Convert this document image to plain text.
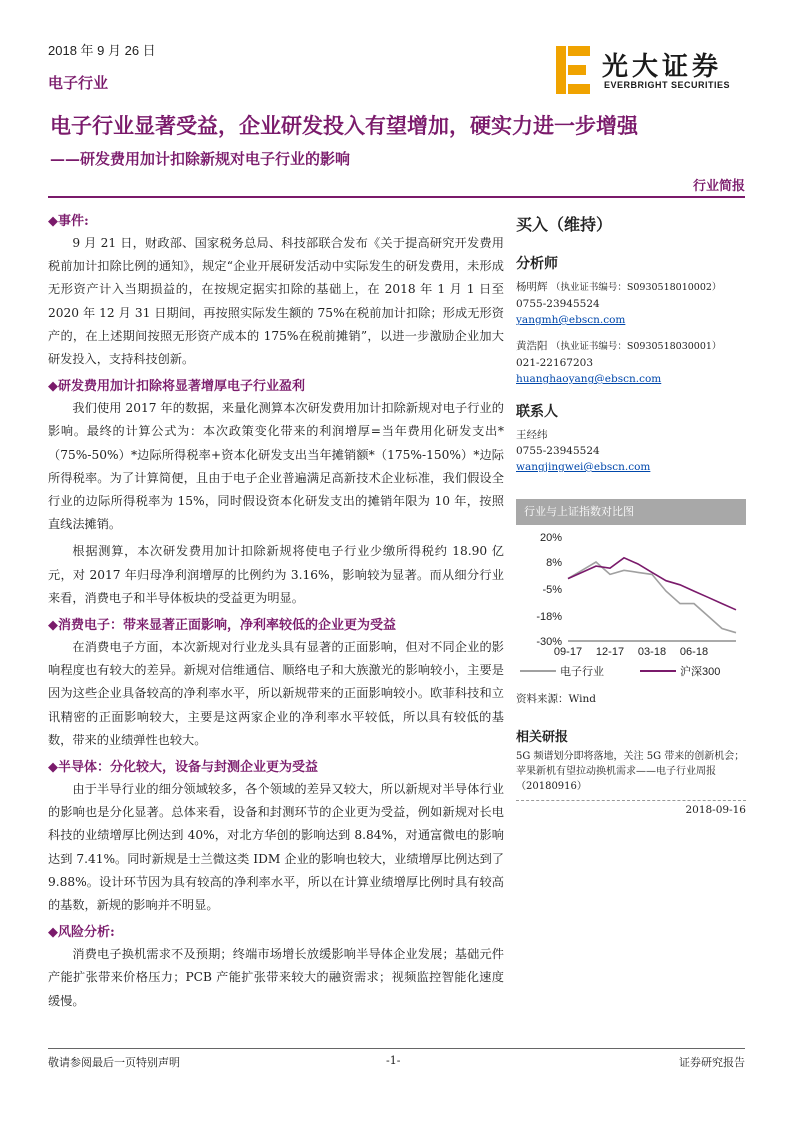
2018 年 9 月 26 日
电子行业
光大证券
EVERBRIGHT SECURITIES
电子行业显著受益，企业研发投入有望增加，硬实力进一步增强
——研发费用加计扣除新规对电子行业的影响
行业简报
◆事件:

9 月 21 日，财政部、国家税务总局、科技部联合发布《关于提高研究开发费用税前加计扣除比例的通知》，规定“企业开展研发活动中实际发生的研发费用，未形成无形资产计入当期损益的，在按规定据实扣除的基础上，在 2018 年 1 月 1 日至 2020 年 12 月 31 日期间，再按照实际发生额的 75%在税前加计扣除；形成无形资产的，在上述期间按照无形资产成本的 175%在税前摊销”，以进一步激励企业加大研发投入，支持科技创新。

◆研发费用加计扣除将显著增厚电子行业盈利

我们使用 2017 年的数据，来量化测算本次研发费用加计扣除新规对电子行业的影响。最终的计算公式为：本次政策变化带来的利润增厚=当年费用化研发支出*（75%-50%）*边际所得税率+资本化研发支出当年摊销额*（175%-150%）*边际所得税率。为了计算简便，且由于电子企业普遍满足高新技术企业标准，我们假设全行业的边际所得税率为 15%，同时假设资本化研发支出的摊销年限为 10 年，按照直线法摊销。

根据测算，本次研发费用加计扣除新规将使电子行业少缴所得税约 18.90 亿元，对 2017 年归母净利润增厚的比例约为 3.16%，影响较为显著。而从细分行业来看，消费电子和半导体板块的受益更为明显。

◆消费电子：带来显著正面影响，净利率较低的企业更为受益

在消费电子方面，本次新规对行业龙头具有显著的正面影响，但对不同企业的影响程度也有较大的差异。新规对信维通信、顺络电子和大族激光的影响较小，主要是因为这些企业具备较高的净利率水平，所以新规带来的正面影响较小。欧菲科技和立讯精密的正面影响较大，主要是这两家企业的净利率水平较低，所以具有较低的基数，带来的业绩弹性也较大。

◆半导体：分化较大，设备与封测企业更为受益

由于半导行业的细分领域较多，各个领域的差异又较大，所以新规对半导体行业的影响也是分化显著。总体来看，设备和封测环节的企业更为受益，例如新规对长电科技的业绩增厚比例达到 40%，对北方华创的影响达到 8.84%，对通富微电的影响达到 7.41%。同时新规是士兰微这类 IDM 企业的影响也较大，业绩增厚比例达到了 9.88%。设计环节因为具有较高的净利率水平，所以在计算业绩增厚比例时具有较高的基数，新规的影响并不明显。

◆风险分析:

消费电子换机需求不及预期；终端市场增长放缓影响半导体企业发展；基础元件产能扩张带来价格压力；PCB 产能扩张带来较大的融资需求；视频监控智能化速度缓慢。

买入（维持）
分析师

杨明辉 （执业证书编号：S0930518010002）

0755-23945524

yangmh@ebscn.com

黄浩阳 （执业证书编号：S0930518030001）

021-22167203

huanghaoyang@ebscn.com

联系人

王经纬

0755-23945524

wangjingwei@ebscn.com

行业与上证指数对比图
20%
8%
-5%
-18%
-30%
09-17 12-17 03-18 06-18
电子行业	沪深300
资料来源：Wind
相关研报

5G 频谱划分即将落地，关注 5G 带来的创新机会；苹果新机有望拉动换机需求——电子行业周报（20180916）

2018-09-16
敬请参阅最后一页特别声明	-1-	证券研究报告
